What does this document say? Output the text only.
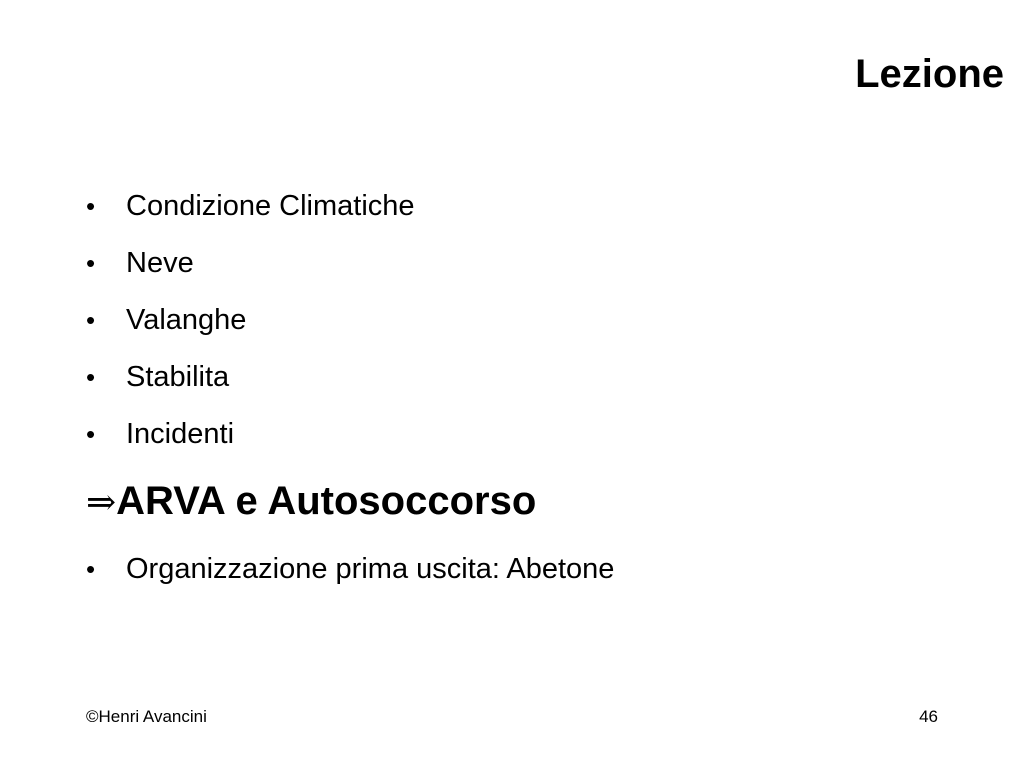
Lezione
•	Condizione Climatiche
•	Neve
•	Valanghe
•	Stabilita
•	Incidenti
⇒ ARVA e Autosoccorso
•	Organizzazione prima uscita: Abetone
©Henri Avancini	46
